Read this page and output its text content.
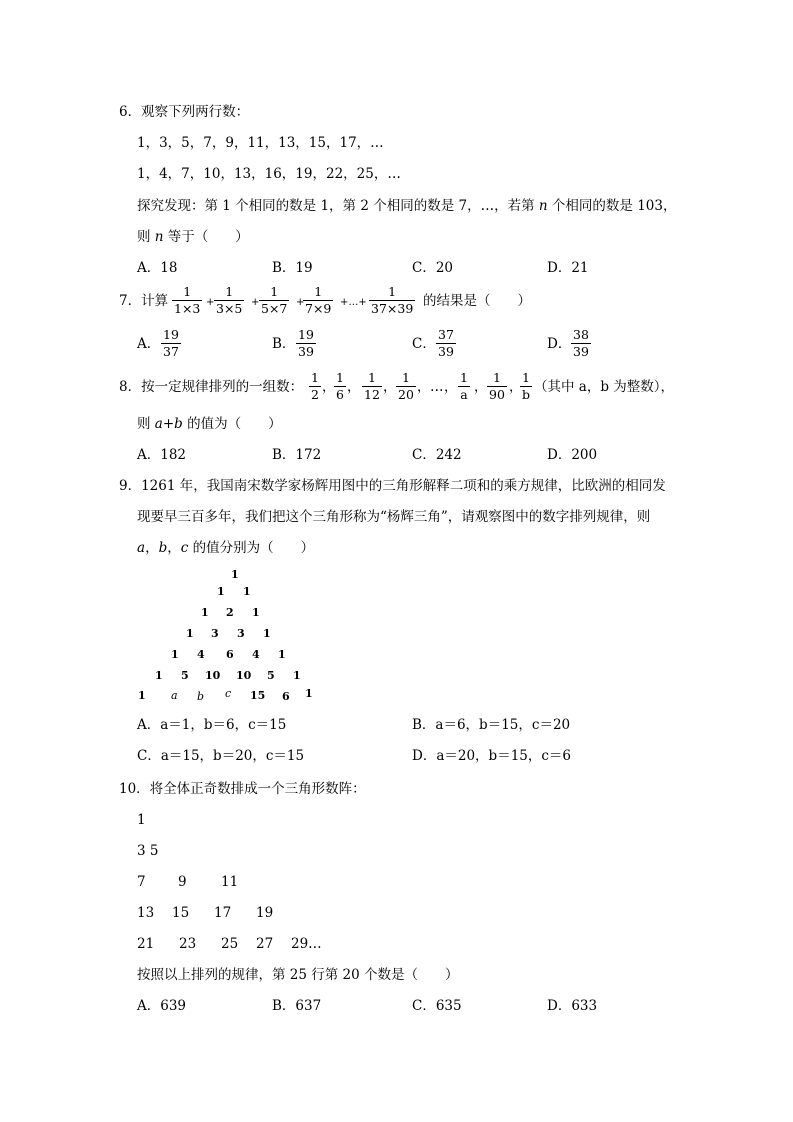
6．观察下列两行数：
1，3，5，7，9，11，13，15，17，…
1，4，7，10，13，16，19，22，25，…
探究发现：第 1 个相同的数是 1，第 2 个相同的数是 7，…，若第 n 个相同的数是 103，
则 n 等于（　　）
A．18	B．19	C．20	D．21
7．计算
1
1×3 +
1
3×5 +
1
5×7 +
1
7×9 +…+
1
37×39 的结果是（　　）
A．
19
37	B．
19
39	C．
37
39	D．
38
39
8．按一定规律排列的一组数：
1
2 ，
1
6 ，
1
12 ，
1
20 ， … ，
1
a ，
1
90 ，
1
b （其中 a，b 为整数），
则 a+b 的值为（　　）
A．182	B．172	C．242	D．200
9．1261 年，我国南宋数学家杨辉用图中的三角形解释二项和的乘方规律，比欧洲的相同发
现要早三百多年，我们把这个三角形称为“杨辉三角”，请观察图中的数字排列规律，则
a，b，c 的值分别为（　　）
1
1 1
1 2 1
1 3 3 1
1 4 6 4 1
1 5 10 10 5 1
1 a b c 15 6 1
A．a＝1，b＝6，c＝15	B．a＝6，b＝15，c＝20
C．a＝15，b＝20，c＝15	D．a＝20，b＝15，c＝6
10．将全体正奇数排成一个三角形数阵：
1
3 5
7 9	11
13 15 17 19
21 23 25 27 29…
按照以上排列的规律，第 25 行第 20 个数是（　　）
A．639	B．637	C．635	D．633
